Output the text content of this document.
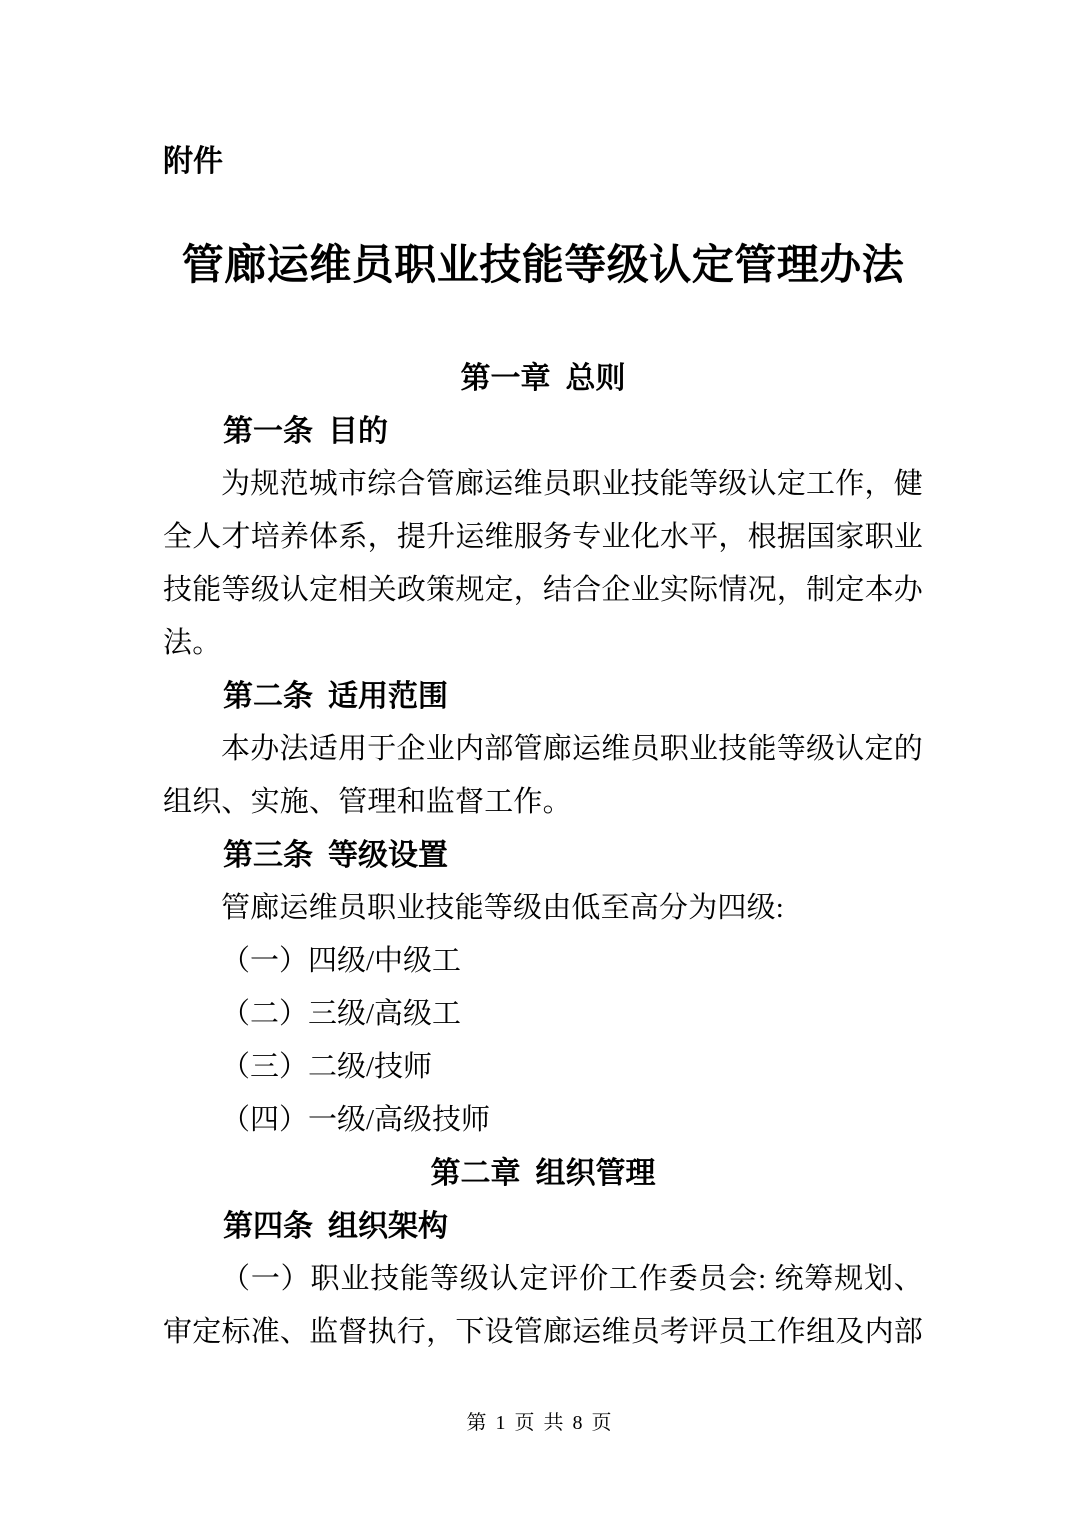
附件
管廊运维员职业技能等级认定管理办法
第一章 总则
第一条 目的

为规范城市综合管廊运维员职业技能等级认定工作，健全人才培养体系，提升运维服务专业化水平，根据国家职业技能等级认定相关政策规定，结合企业实际情况，制定本办法。

第二条 适用范围

本办法适用于企业内部管廊运维员职业技能等级认定的组织、实施、管理和监督工作。

第三条 等级设置

管廊运维员职业技能等级由低至高分为四级:

（一）四级/中级工
（二）三级/高级工
（三）二级/技师
（四）一级/高级技师
第二章 组织管理
第四条 组织架构

（一）职业技能等级认定评价工作委员会: 统筹规划、审定标准、监督执行，下设管廊运维员考评员工作组及内部

第 1 页 共 8 页
